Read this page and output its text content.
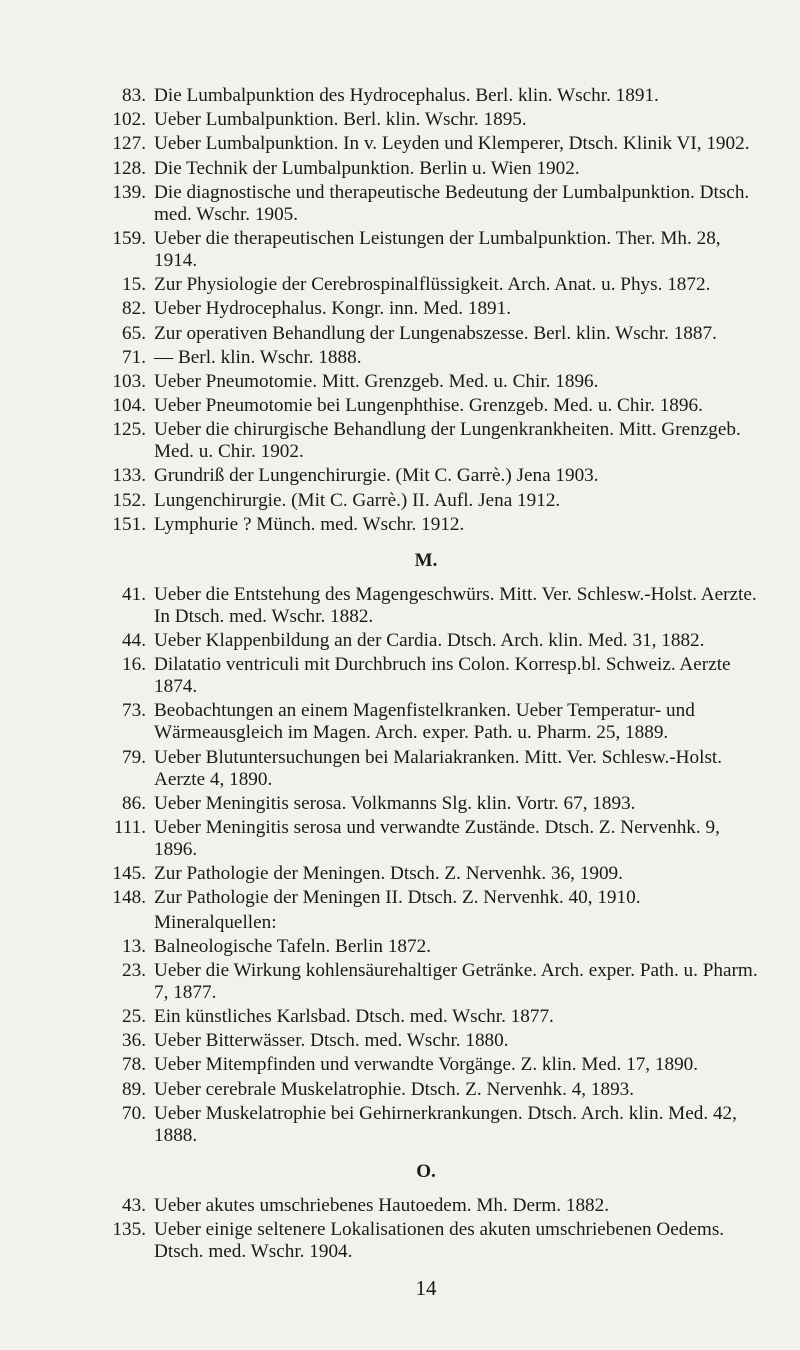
83. Die Lumbalpunktion des Hydrocephalus. Berl. klin. Wschr. 1891.
102. Ueber Lumbalpunktion. Berl. klin. Wschr. 1895.
127. Ueber Lumbalpunktion. In v. Leyden und Klemperer, Dtsch. Klinik VI, 1902.
128. Die Technik der Lumbalpunktion. Berlin u. Wien 1902.
139. Die diagnostische und therapeutische Bedeutung der Lumbalpunktion. Dtsch. med. Wschr. 1905.
159. Ueber die therapeutischen Leistungen der Lumbalpunktion. Ther. Mh. 28, 1914.
15. Zur Physiologie der Cerebrospinalflüssigkeit. Arch. Anat. u. Phys. 1872.
82. Ueber Hydrocephalus. Kongr. inn. Med. 1891.
65. Zur operativen Behandlung der Lungenabszesse. Berl. klin. Wschr. 1887.
71. — Berl. klin. Wschr. 1888.
103. Ueber Pneumotomie. Mitt. Grenzgeb. Med. u. Chir. 1896.
104. Ueber Pneumotomie bei Lungenphthise. Grenzgeb. Med. u. Chir. 1896.
125. Ueber die chirurgische Behandlung der Lungenkrankheiten. Mitt. Grenzgeb. Med. u. Chir. 1902.
133. Grundriß der Lungenchirurgie. (Mit C. Garrè.) Jena 1903.
152. Lungenchirurgie. (Mit C. Garrè.) II. Aufl. Jena 1912.
151. Lymphurie ? Münch. med. Wschr. 1912.
M.
41. Ueber die Entstehung des Magengeschwürs. Mitt. Ver. Schlesw.-Holst. Aerzte. In Dtsch. med. Wschr. 1882.
44. Ueber Klappenbildung an der Cardia. Dtsch. Arch. klin. Med. 31, 1882.
16. Dilatatio ventriculi mit Durchbruch ins Colon. Korresp.bl. Schweiz. Aerzte 1874.
73. Beobachtungen an einem Magenfistelkranken. Ueber Temperatur- und Wärmeausgleich im Magen. Arch. exper. Path. u. Pharm. 25, 1889.
79. Ueber Blutuntersuchungen bei Malariakranken. Mitt. Ver. Schlesw.-Holst. Aerzte 4, 1890.
86. Ueber Meningitis serosa. Volkmanns Slg. klin. Vortr. 67, 1893.
111. Ueber Meningitis serosa und verwandte Zustände. Dtsch. Z. Nervenhk. 9, 1896.
145. Zur Pathologie der Meningen. Dtsch. Z. Nervenhk. 36, 1909.
148. Zur Pathologie der Meningen II. Dtsch. Z. Nervenhk. 40, 1910.
Mineralquellen:
13. Balneologische Tafeln. Berlin 1872.
23. Ueber die Wirkung kohlensäurehaltiger Getränke. Arch. exper. Path. u. Pharm. 7, 1877.
25. Ein künstliches Karlsbad. Dtsch. med. Wschr. 1877.
36. Ueber Bitterwässer. Dtsch. med. Wschr. 1880.
78. Ueber Mitempfinden und verwandte Vorgänge. Z. klin. Med. 17, 1890.
89. Ueber cerebrale Muskelatrophie. Dtsch. Z. Nervenhk. 4, 1893.
70. Ueber Muskelatrophie bei Gehirnerkrankungen. Dtsch. Arch. klin. Med. 42, 1888.
O.
43. Ueber akutes umschriebenes Hautoedem. Mh. Derm. 1882.
135. Ueber einige seltenere Lokalisationen des akuten umschriebenen Oedems. Dtsch. med. Wschr. 1904.
14
